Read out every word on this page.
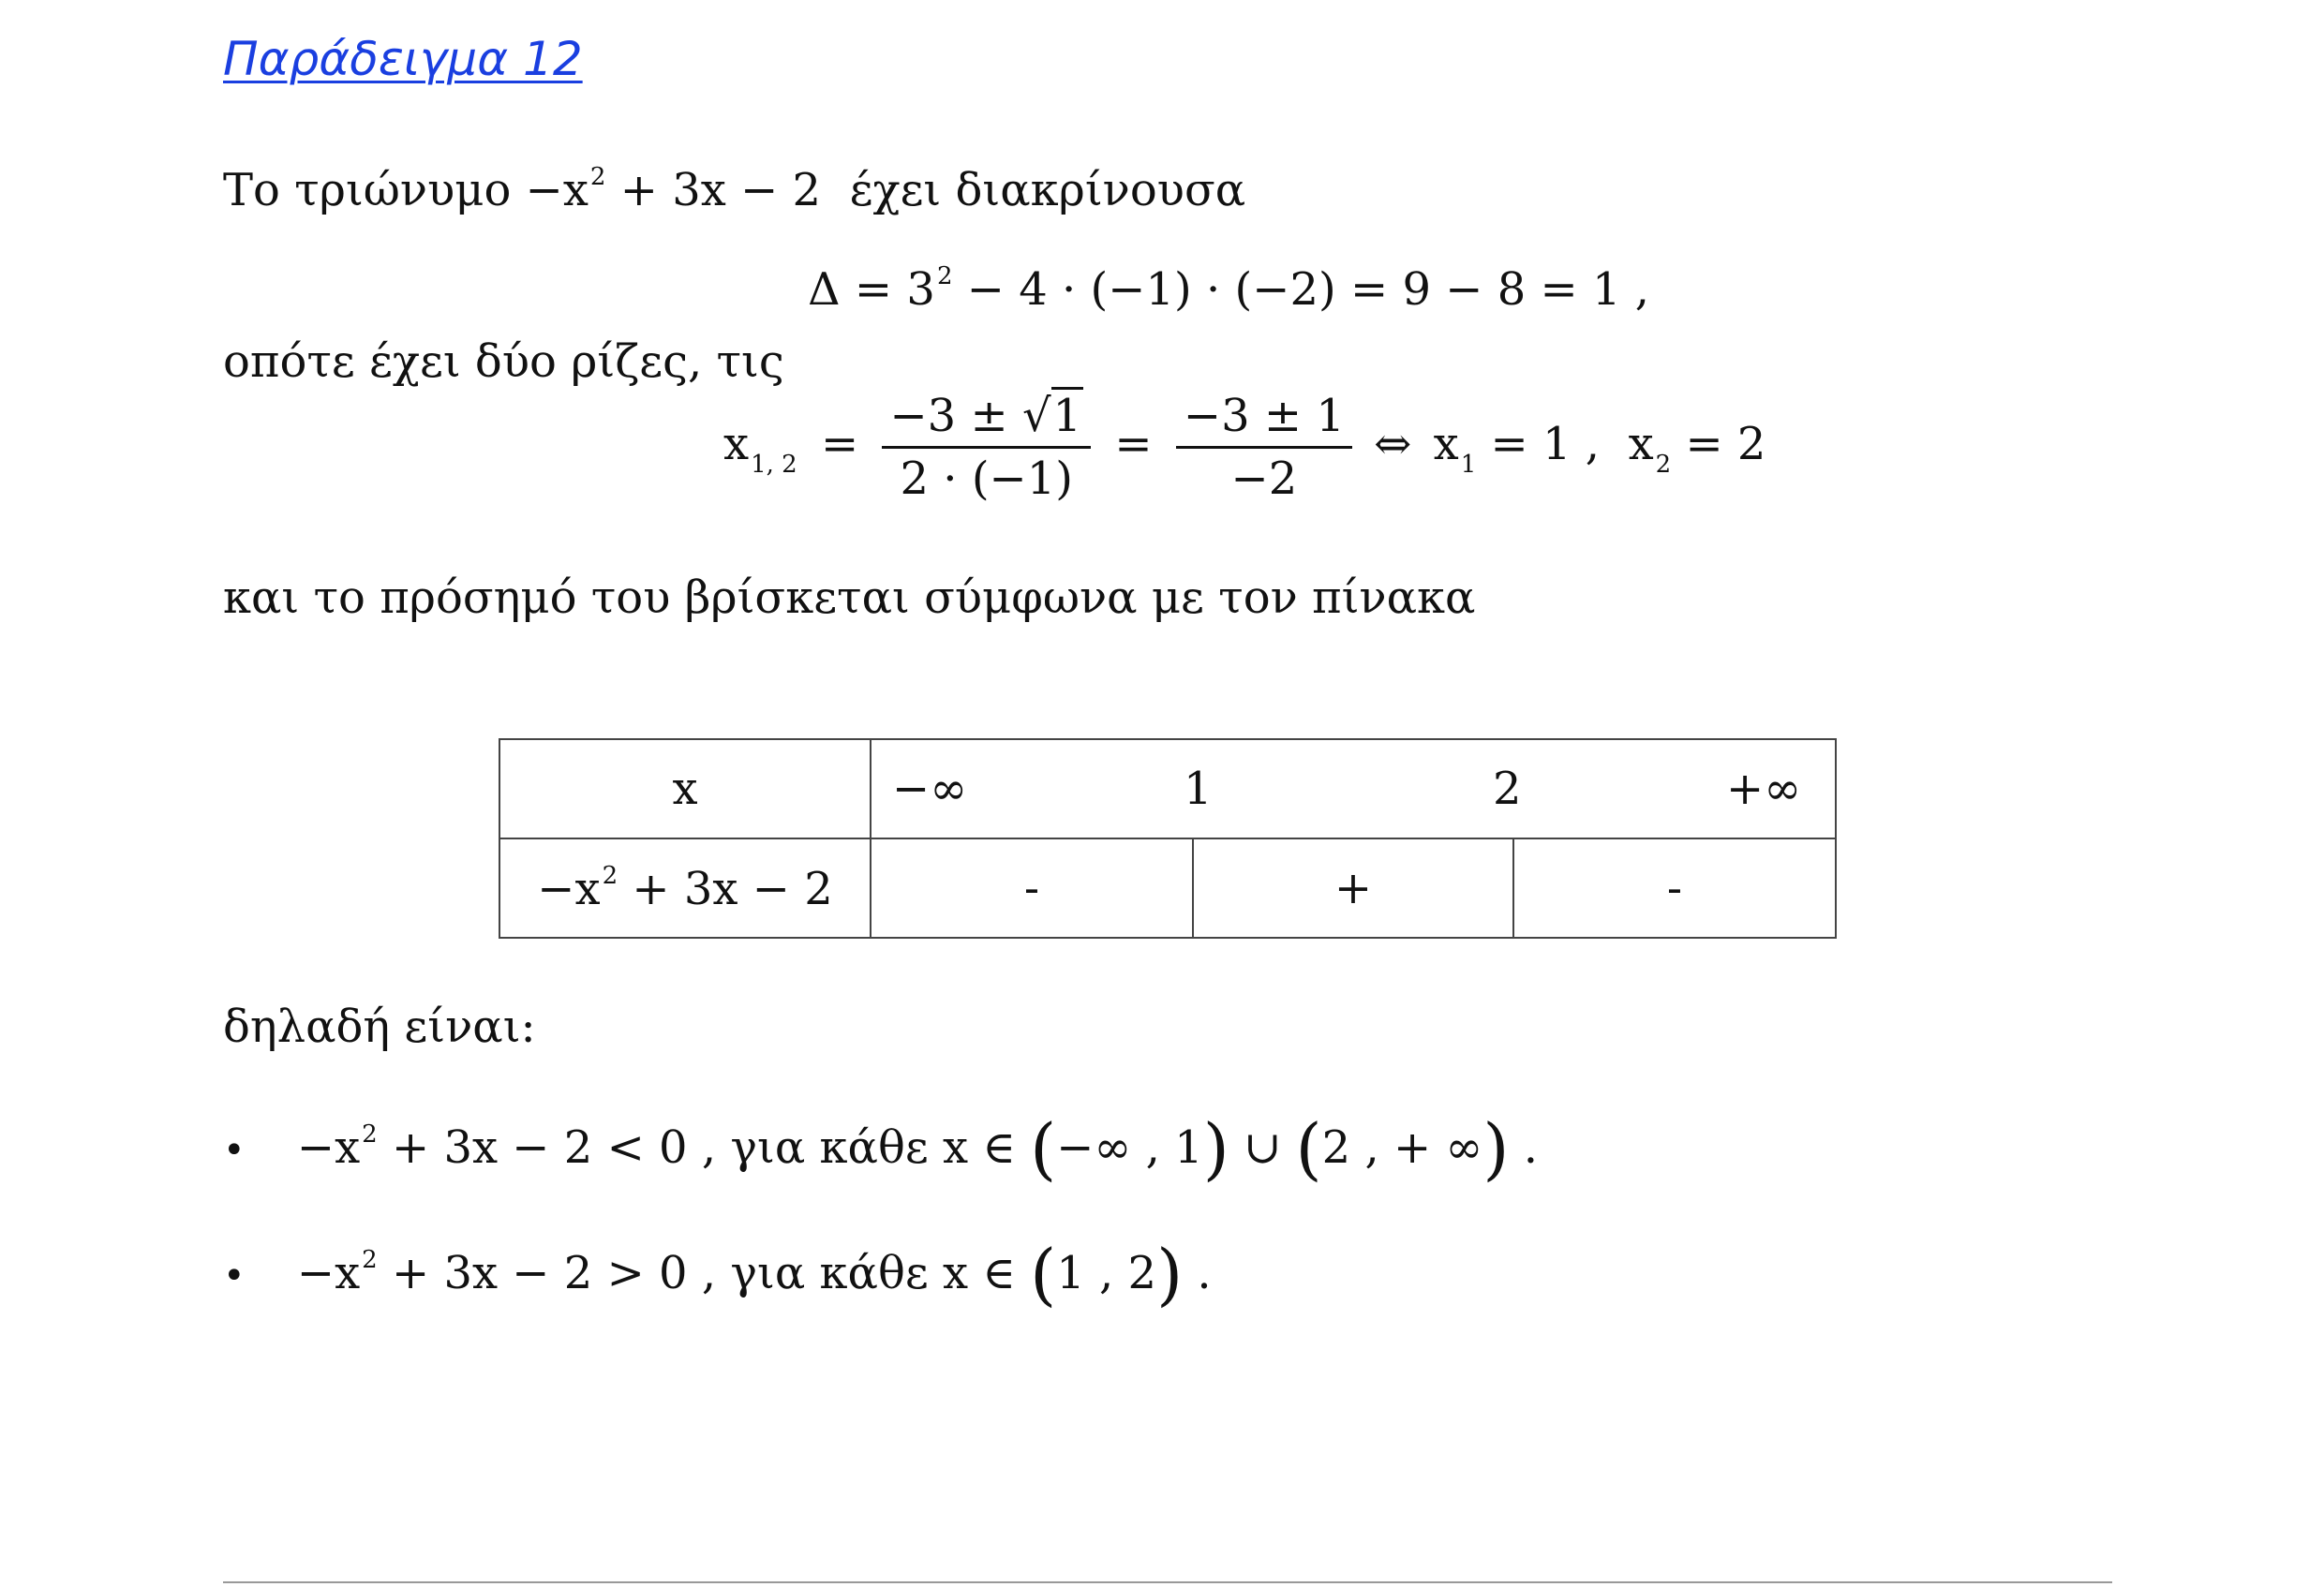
Παράδειγμα 12
Το $\tau\rho\iota ώ\nu\upsilon\mu o -x^2 + 3x - 2$ έχει διακρίνουσα
$\Delta = 3^2 - 4 \cdot (-1) \cdot (-2) = 9 - 8 = 1$ ,
οπότε έχει δύο ρίζες, τις
$x_{1, 2} = \frac{-3 \pm √1}{2 \cdot (-1)} = \frac{-3 \pm 1}{-2}$ ⇔ $x_1 = 1$ , $x_2 = 2$
και το πρόσημό του βρίσκεται σύμφωνα με τον πίνακα
x	−∞ 1 2 +∞		

$-x^2 + 3x - 2$	-	+	-
δηλαδή είναι:
• $-x^2 + 3x - 2 < 0$ , για κάθε x ∈ (−∞ , 1) ∪ (2 , + ∞) .
• $-x^2 + 3x - 2 > 0$ , για κάθε x ∈ (1 , 2) .
